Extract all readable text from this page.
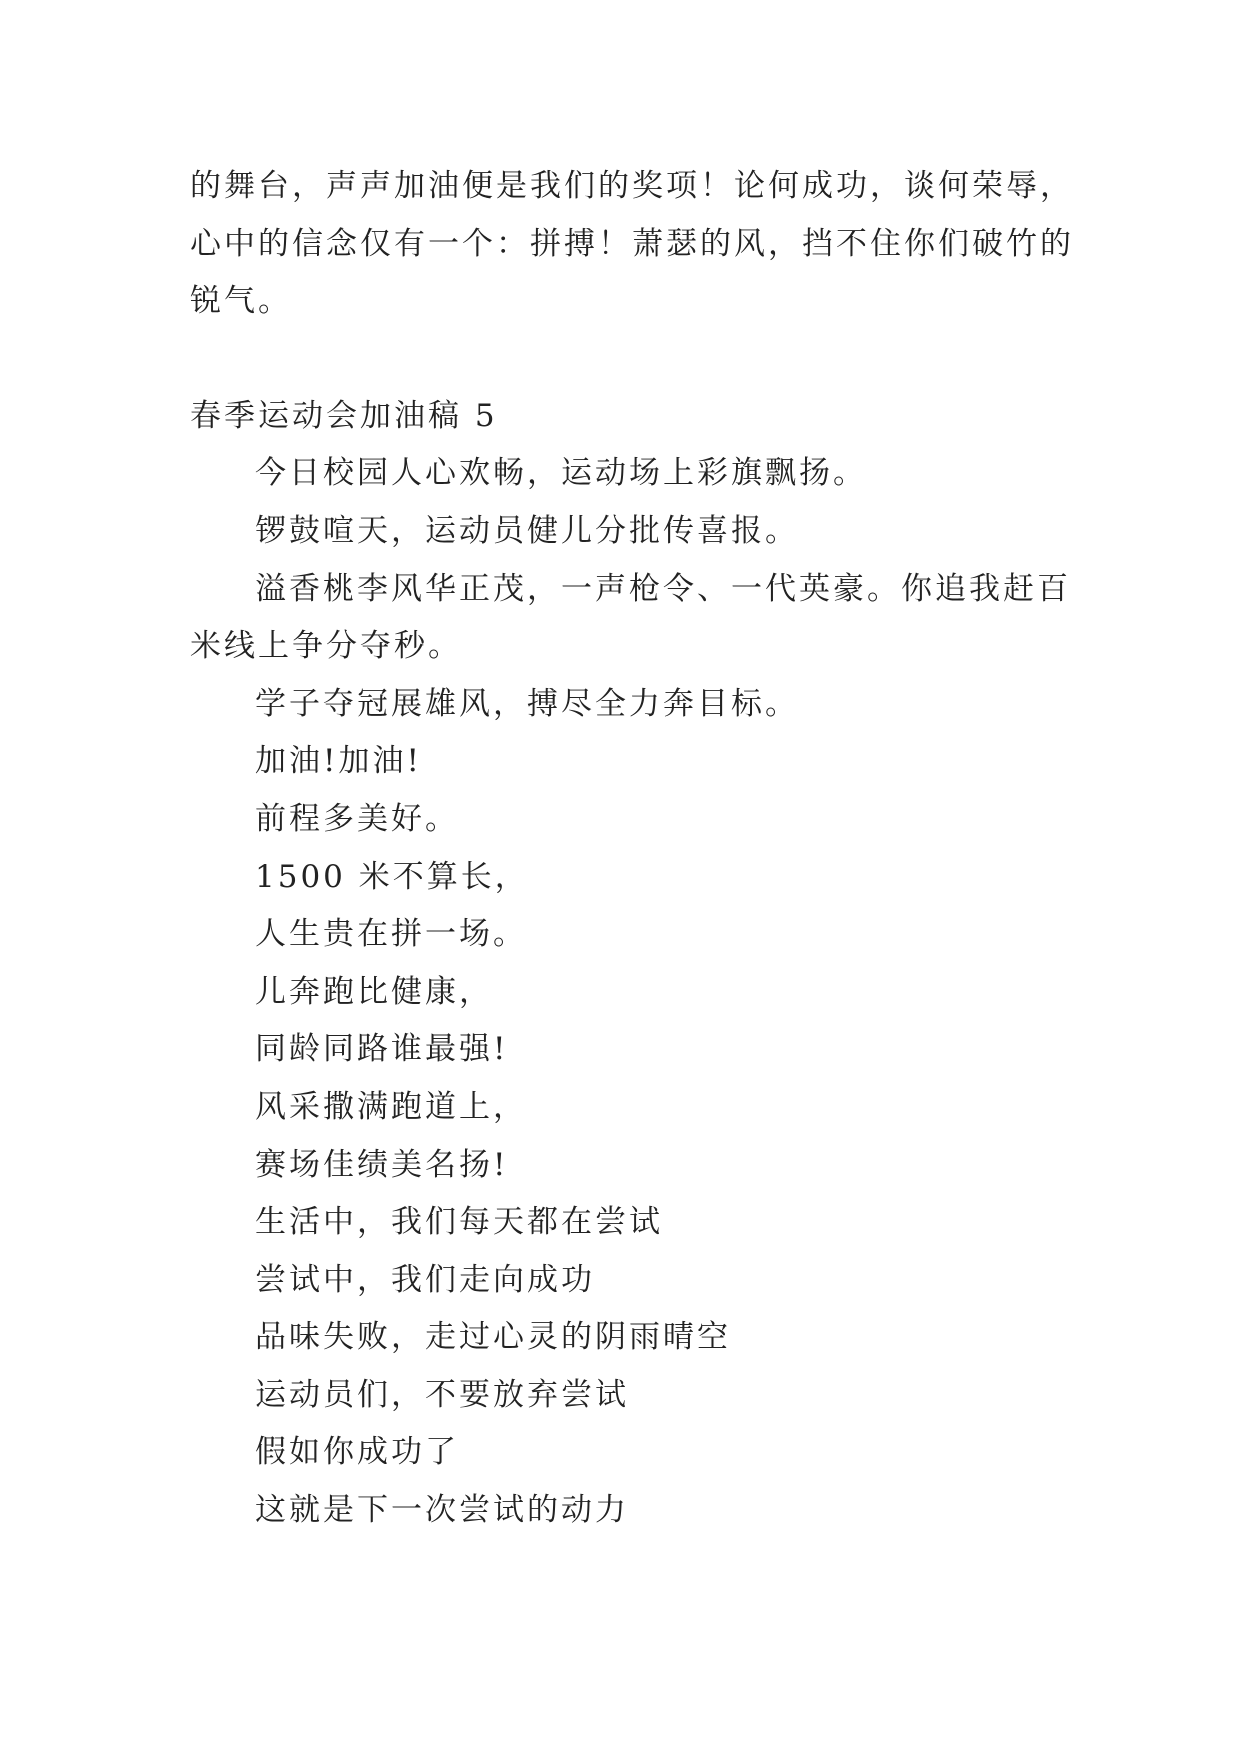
的舞台，声声加油便是我们的奖项！论何成功，谈何荣辱，
心中的信念仅有一个：拼搏！萧瑟的风，挡不住你们破竹的
锐气。
春季运动会加油稿 5
今日校园人心欢畅，运动场上彩旗飘扬。
锣鼓喧天，运动员健儿分批传喜报。
溢香桃李风华正茂，一声枪令、一代英豪。你追我赶百
米线上争分夺秒。
学子夺冠展雄风，搏尽全力奔目标。
加油!加油!
前程多美好。
1500 米不算长，
人生贵在拼一场。
儿奔跑比健康，
同龄同路谁最强!
风采撒满跑道上，
赛场佳绩美名扬!
生活中，我们每天都在尝试
尝试中，我们走向成功
品味失败，走过心灵的阴雨晴空
运动员们，不要放弃尝试
假如你成功了
这就是下一次尝试的动力
